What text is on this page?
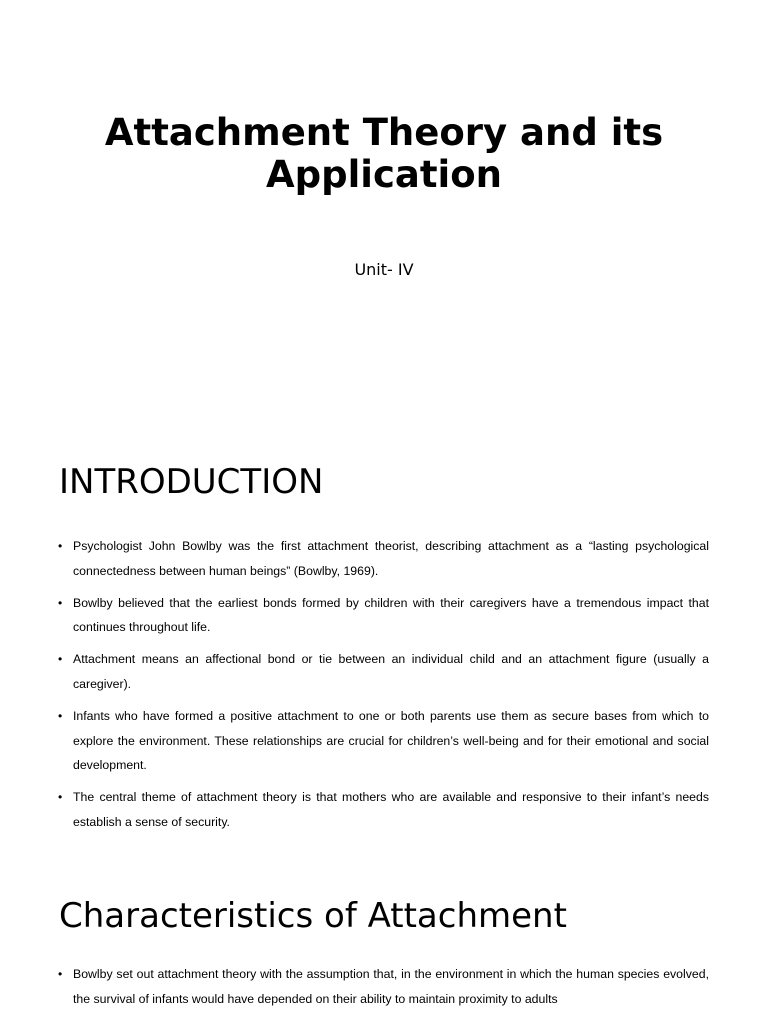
Attachment Theory and its Application

Unit- IV

INTRODUCTION
• Psychologist John Bowlby was the first attachment theorist, describing attachment as a “lasting psychological connectedness between human beings” (Bowlby, 1969).
• Bowlby believed that the earliest bonds formed by children with their caregivers have a tremendous impact that continues throughout life.
• Attachment means an affectional bond or tie between an individual child and an attachment figure (usually a caregiver).
• Infants who have formed a positive attachment to one or both parents use them as secure bases from which to explore the environment. These relationships are crucial for children’s well-being and for their emotional and social development.
• The central theme of attachment theory is that mothers who are available and responsive to their infant’s needs establish a sense of security.
Characteristics of Attachment
• Bowlby set out attachment theory with the assumption that, in the environment in which the human species evolved, the survival of infants would have depended on their ability to maintain proximity to adults
